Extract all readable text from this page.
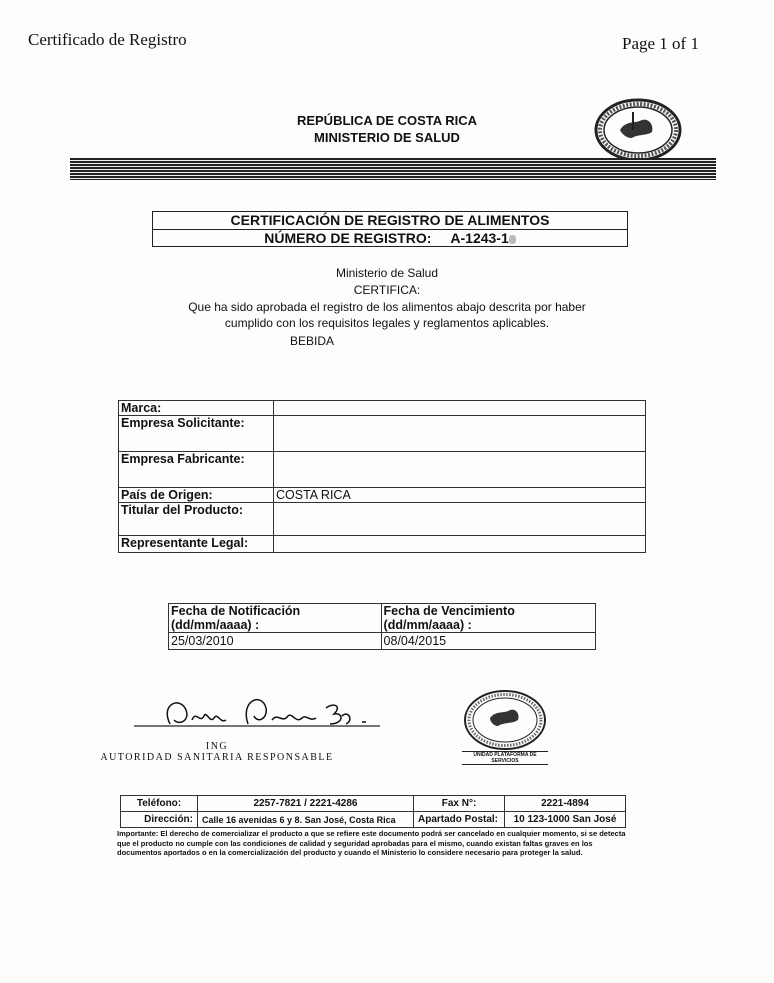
Certificado de Registro	Page 1 of 1
REPÚBLICA DE COSTA RICA
MINISTERIO DE SALUD
CERTIFICACIÓN DE REGISTRO DE ALIMENTOS
NÚMERO DE REGISTRO: A-1243-1
Ministerio de Salud
CERTIFICA:
Que ha sido aprobada el registro de los alimentos abajo descrita por haber
cumplido con los requisitos legales y reglamentos aplicables.
BEBIDA
Marca:	
Empresa Solicitante:	
Empresa Fabricante:	
País de Origen:	COSTA RICA
Titular del Producto:	
Representante Legal:	
Fecha de Notificación (dd/mm/aaaa) :	Fecha de Vencimiento (dd/mm/aaaa) :
25/03/2010	08/04/2015
ING
AUTORIDAD SANITARIA RESPONSABLE	UNIDAD PLATAFORMA DE SERVICIOS
Teléfono:	2257-7821 / 2221-4286	Fax N°:	2221-4894
Dirección:	Calle 16 avenidas 6 y 8. San José, Costa Rica	Apartado Postal:	10 123-1000 San José
Importante: El derecho de comercializar el producto a que se refiere este documento podrá ser cancelado en cualquier momento, si se detecta que el producto no cumple con las condiciones de calidad y seguridad aprobadas para el mismo, cuando existan faltas graves en los documentos aportados o en la comercialización del producto y cuando el Ministerio lo considere necesario para proteger la salud.
